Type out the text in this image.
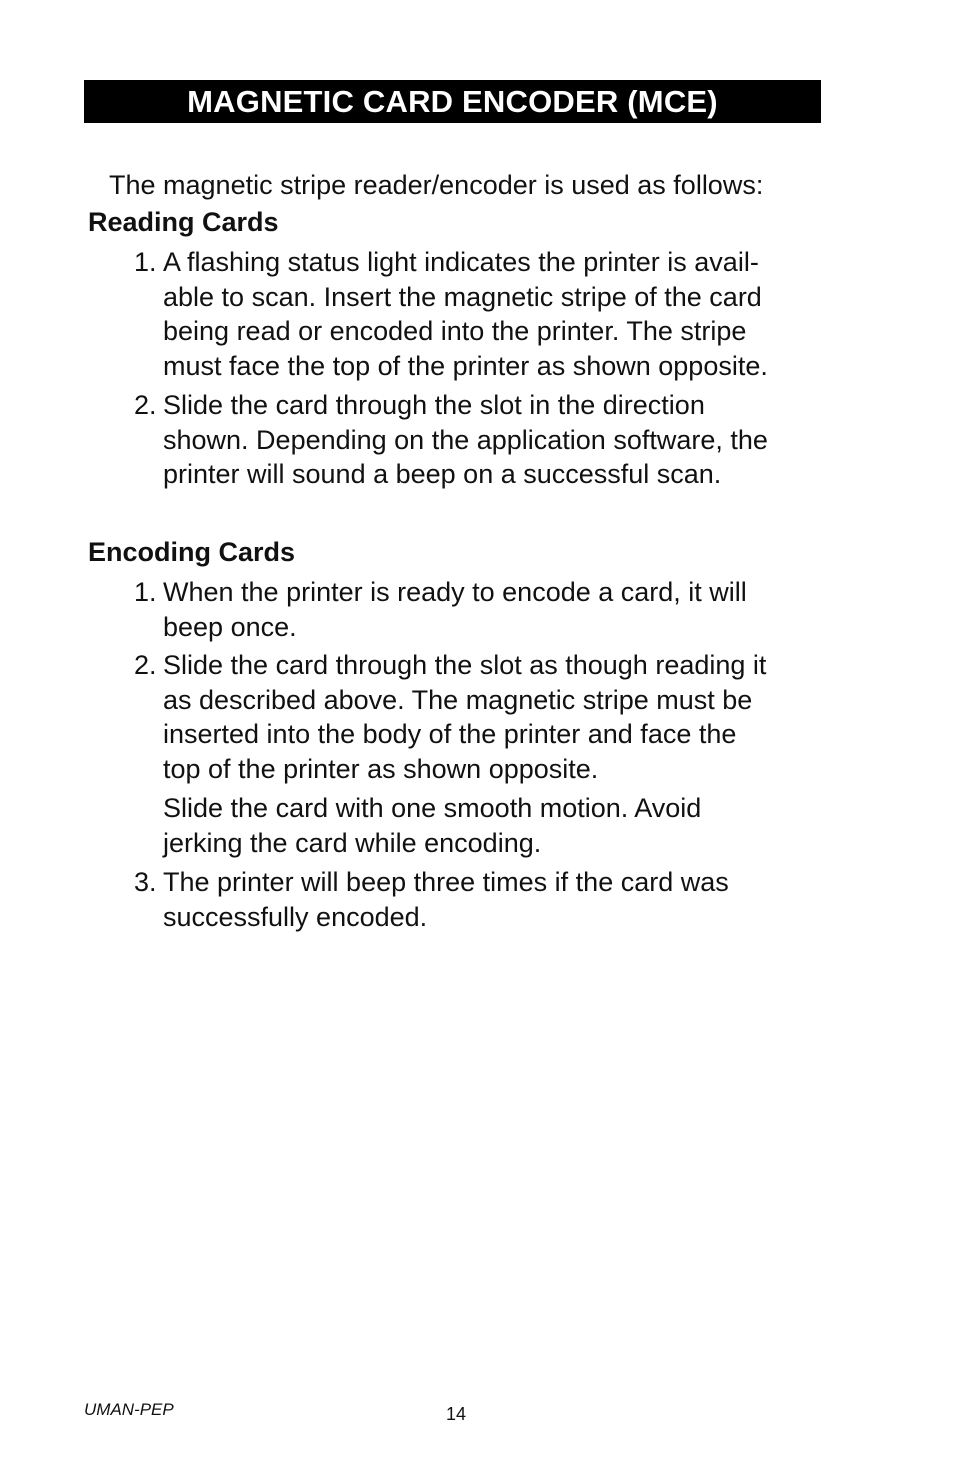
MAGNETIC CARD ENCODER (MCE)
The magnetic stripe reader/encoder is used as follows:
Reading Cards
1. A flashing status light indicates the printer is avail-
able to scan. Insert the magnetic stripe of the card
being read or encoded into the printer. The stripe
must face the top of the printer as shown opposite.
2. Slide the card through the slot in the direction
shown. Depending on the application software, the
printer will sound a beep on a successful scan.
Encoding Cards
1. When the printer is ready to encode a card, it will
beep once.
2. Slide the card through the slot as though reading it
as described above. The magnetic stripe must be
inserted into the body of the printer and face the
top of the printer as shown opposite.
Slide the card with one smooth motion. Avoid
jerking the card while encoding.
3. The printer will beep three times if the card was
successfully encoded.
UMAN-PEP	14
